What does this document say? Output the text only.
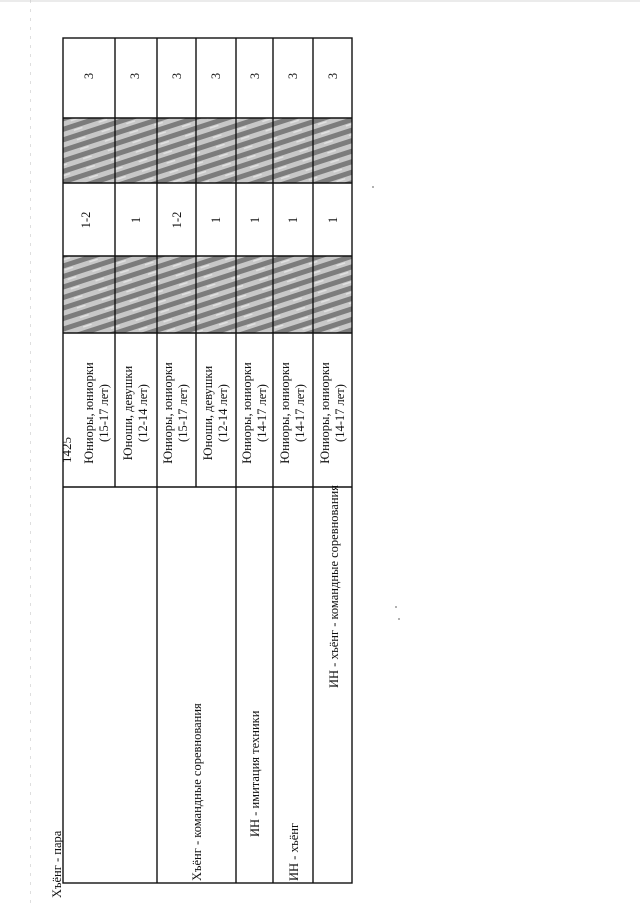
1425
Хъёнг - пара
Юниоры, юниорки (15-17 лет)
1-2
3
Юноши, девушки (12-14 лет)
1
3
Хъёнг - командные соревнования
Юниоры, юниорки (15-17 лет)
1-2
3
Юноши, девушки (12-14 лет)
1
3
ИН - имитация техники
Юниоры, юниорки (14-17 лет)
1
3
ИН - хъёнг
Юниоры, юниорки (14-17 лет)
1
3
ИН - хъёнг - командные соревнования
Юниоры, юниорки (14-17 лет)
1
3
